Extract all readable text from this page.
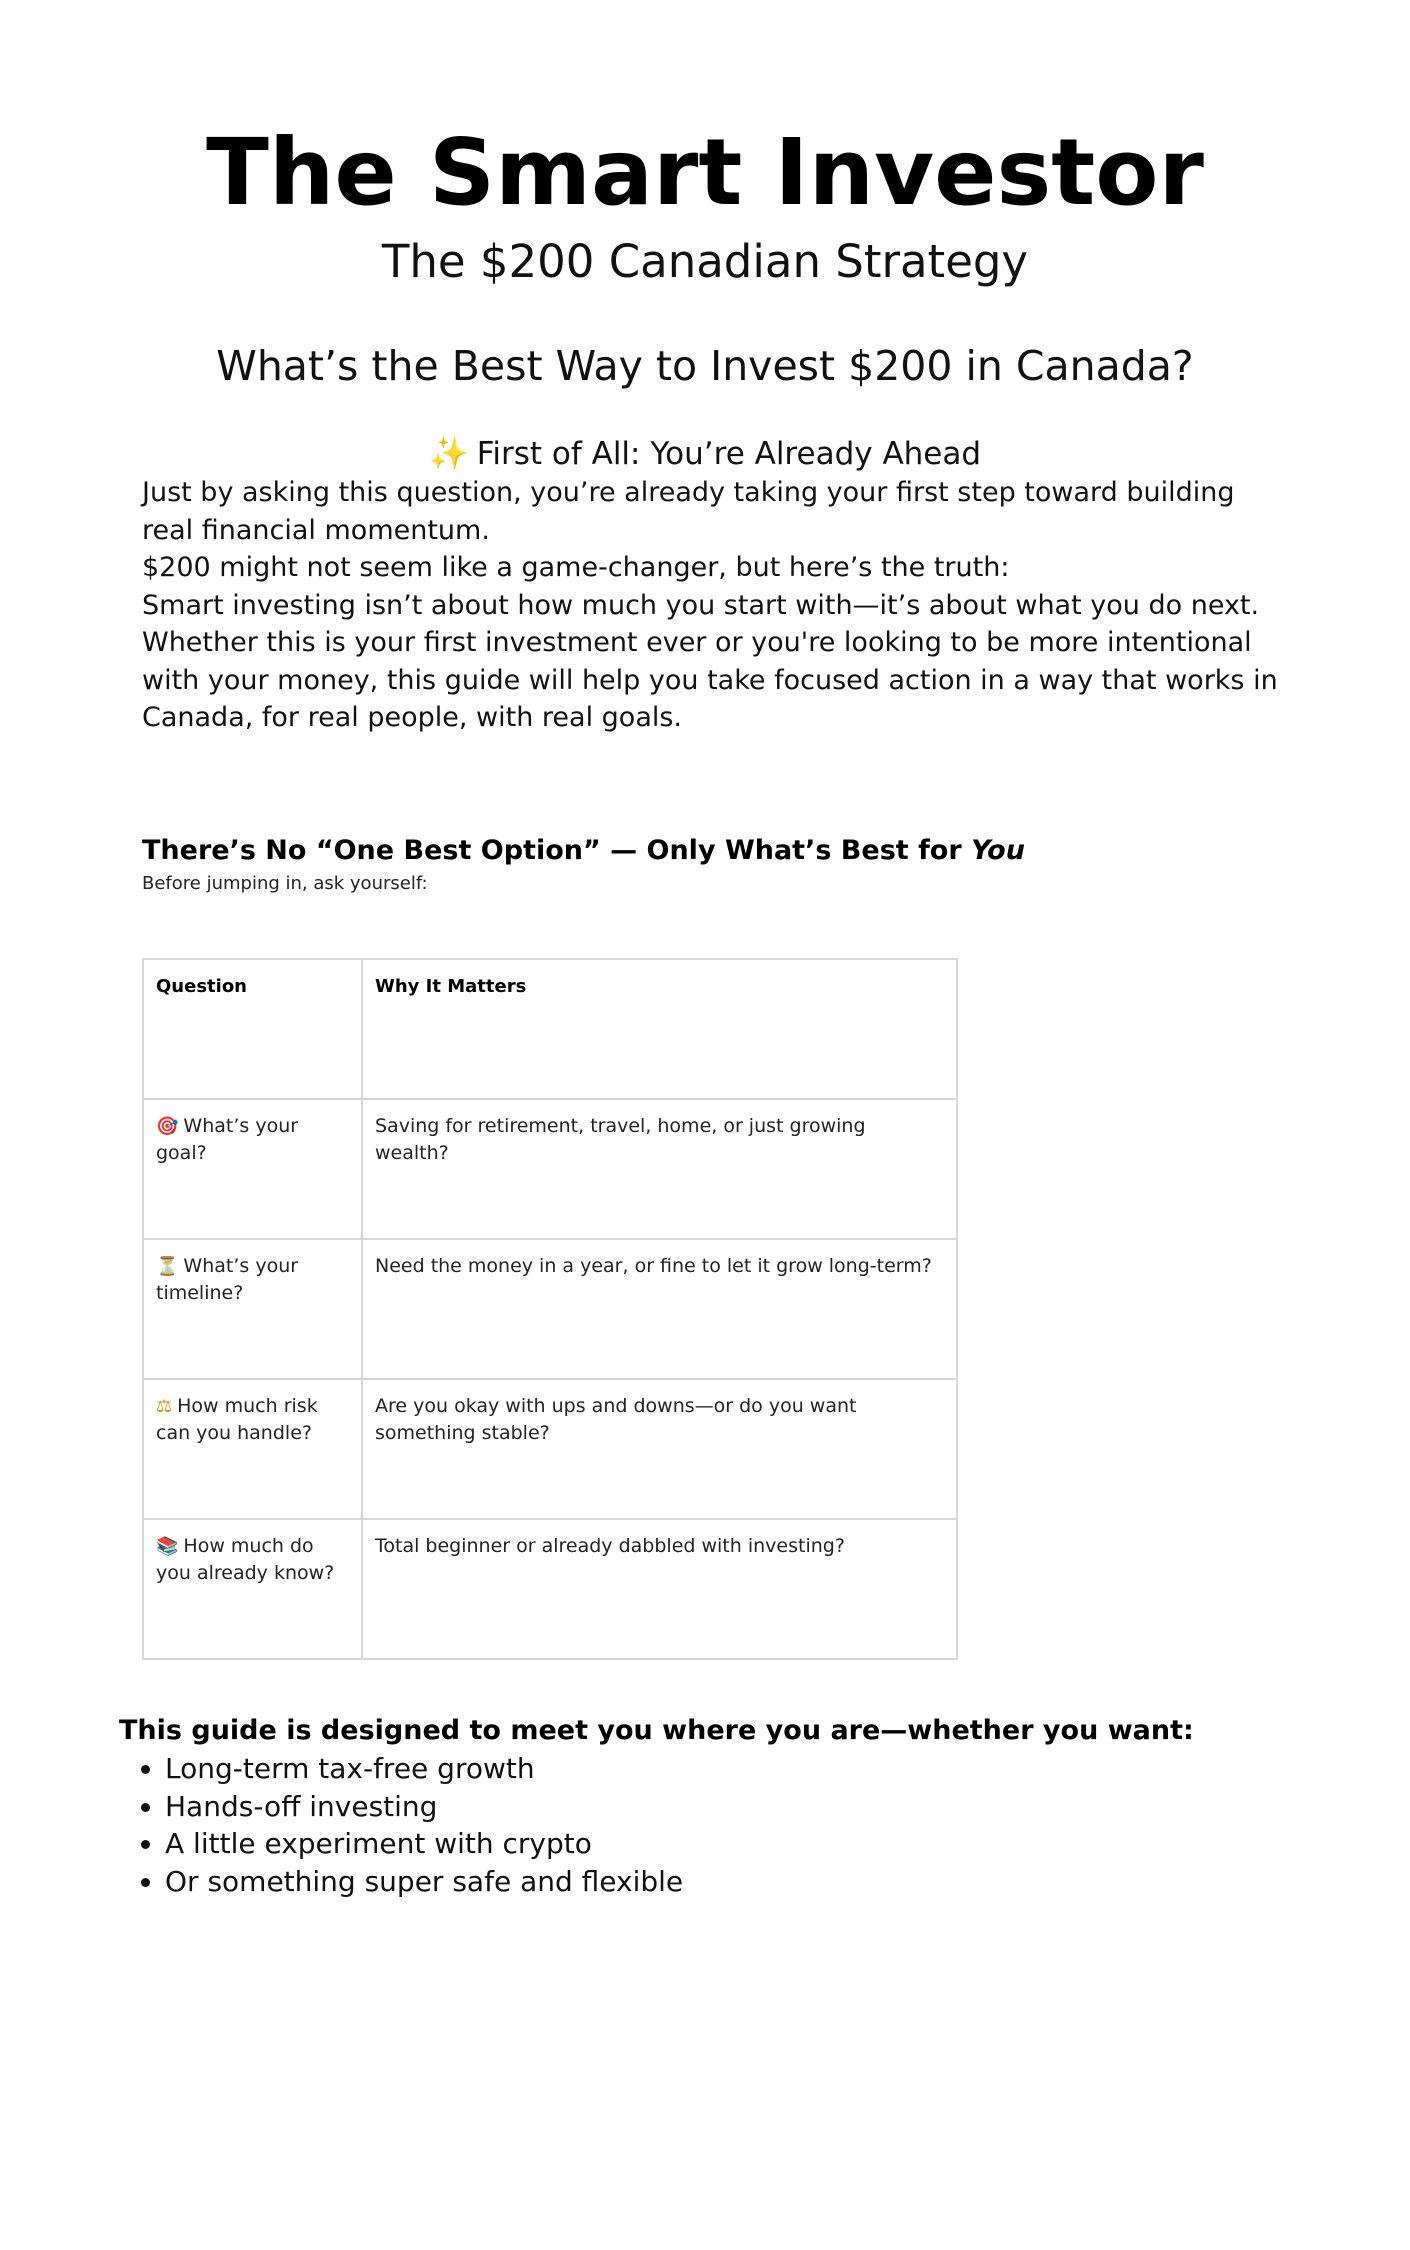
The Smart Investor
The $200 Canadian Strategy
What’s the Best Way to Invest $200 in Canada?
✨ First of All: You’re Already Ahead

Just by asking this question, you’re already taking your first step toward building real financial momentum.

$200 might not seem like a game-changer, but here’s the truth:

Smart investing isn’t about how much you start with—it’s about what you do next.

Whether this is your first investment ever or you're looking to be more intentional with your money, this guide will help you take focused action in a way that works in Canada, for real people, with real goals.

There’s No “One Best Option” — Only What’s Best for You
Before jumping in, ask yourself:
Question	Why It Matters
🎯 What’s your goal?	Saving for retirement, travel, home, or just growing wealth?
⏳ What’s your timeline?	Need the money in a year, or fine to let it grow long-term?
⚖ How much risk can you handle?	Are you okay with ups and downs—or do you want something stable?
📚 How much do you already know?	Total beginner or already dabbled with investing?
This guide is designed to meet you where you are—whether you want:
• Long-term tax-free growth
• Hands-off investing
• A little experiment with crypto
• Or something super safe and flexible
